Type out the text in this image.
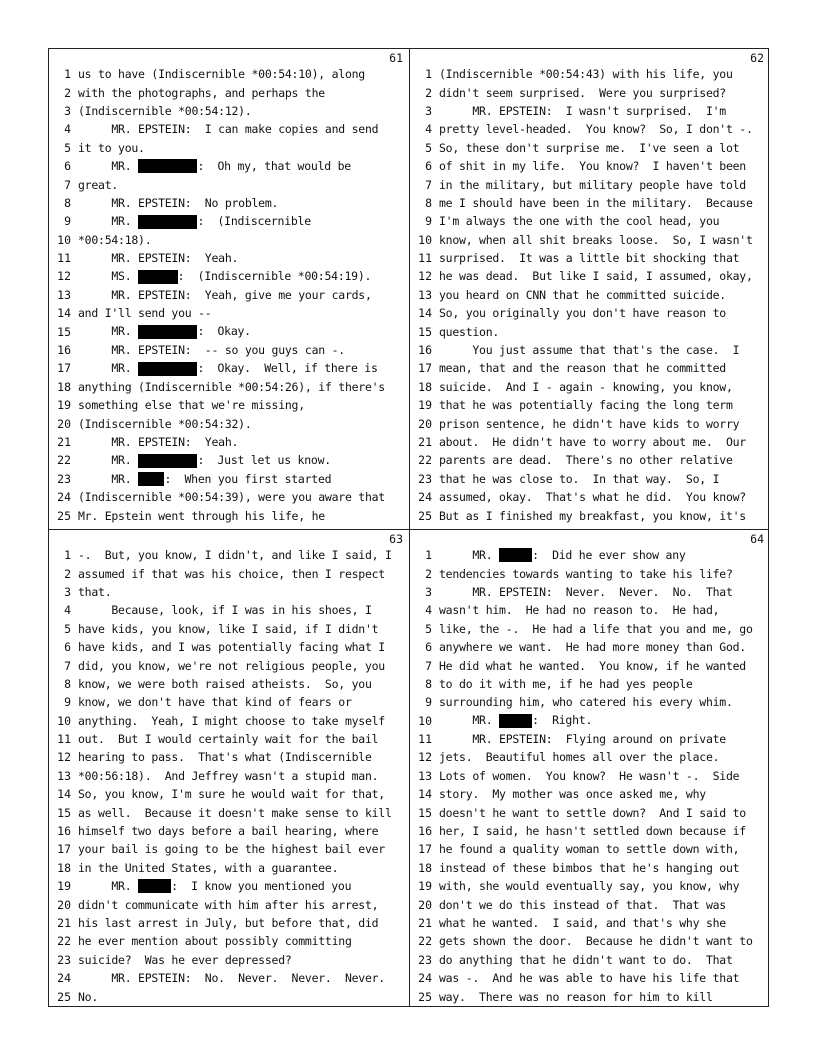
61
1 us to have (Indiscernible *00:54:10), along
2 with the photographs, and perhaps the
3 (Indiscernible *00:54:12).
4 MR. EPSTEIN:  I can make copies and send
5 it to you.
6 MR.	:  Oh my, that would be
7 great.
8 MR. EPSTEIN:  No problem.
9 MR.	:  (Indiscernible
10 *00:54:18).
11 MR. EPSTEIN:  Yeah.
12 MS.	:  (Indiscernible *00:54:19).
13 MR. EPSTEIN:  Yeah, give me your cards,
14 and I'll send you --
15 MR.	:  Okay.
16 MR. EPSTEIN:  -- so you guys can -.
17 MR.	:  Okay.  Well, if there is
18 anything (Indiscernible *00:54:26), if there's
19 something else that we're missing,
20 (Indiscernible *00:54:32).
21 MR. EPSTEIN:  Yeah.
22 MR.	:  Just let us know.
23 MR. :  When you first started
24 (Indiscernible *00:54:39), were you aware that
25 Mr. Epstein went through his life, he
62
1 (Indiscernible *00:54:43) with his life, you
2 didn't seem surprised.  Were you surprised?
3 MR. EPSTEIN:  I wasn't surprised.  I'm
4 pretty level-headed.  You know?  So, I don't -.
5 So, these don't surprise me.  I've seen a lot
6 of shit in my life.  You know?  I haven't been
7 in the military, but military people have told
8 me I should have been in the military.  Because
9 I'm always the one with the cool head, you
10 know, when all shit breaks loose.  So, I wasn't
11 surprised.  It was a little bit shocking that
12 he was dead.  But like I said, I assumed, okay,
13 you heard on CNN that he committed suicide.
14 So, you originally you don't have reason to
15 question.
16 You just assume that that's the case.  I
17 mean, that and the reason that he committed
18 suicide.  And I - again - knowing, you know,
19 that he was potentially facing the long term
20 prison sentence, he didn't have kids to worry
21 about.  He didn't have to worry about me.  Our
22 parents are dead.  There's no other relative
23 that he was close to.  In that way.  So, I
24 assumed, okay.  That's what he did.  You know?
25 But as I finished my breakfast, you know, it's
63
1 -.  But, you know, I didn't, and like I said, I
2 assumed if that was his choice, then I respect
3 that.
4 Because, look, if I was in his shoes, I
5 have kids, you know, like I said, if I didn't
6 have kids, and I was potentially facing what I
7 did, you know, we're not religious people, you
8 know, we were both raised atheists.  So, you
9 know, we don't have that kind of fears or
10 anything.  Yeah, I might choose to take myself
11 out.  But I would certainly wait for the bail
12 hearing to pass.  That's what (Indiscernible
13 *00:56:18).  And Jeffrey wasn't a stupid man.
14 So, you know, I'm sure he would wait for that,
15 as well.  Because it doesn't make sense to kill
16 himself two days before a bail hearing, where
17 your bail is going to be the highest bail ever
18 in the United States, with a guarantee.
19 MR.	:  I know you mentioned you
20 didn't communicate with him after his arrest,
21 his last arrest in July, but before that, did
22 he ever mention about possibly committing
23 suicide?  Was he ever depressed?
24 MR. EPSTEIN:  No.  Never.  Never.  Never.
25 No.
64
1 MR.	:  Did he ever show any
2 tendencies towards wanting to take his life?
3 MR. EPSTEIN:  Never.  Never.  No.  That
4 wasn't him.  He had no reason to.  He had,
5 like, the -.  He had a life that you and me, go
6 anywhere we want.  He had more money than God.
7 He did what he wanted.  You know, if he wanted
8 to do it with me, if he had yes people
9 surrounding him, who catered his every whim.
10 MR.	:  Right.
11 MR. EPSTEIN:  Flying around on private
12 jets.  Beautiful homes all over the place.
13 Lots of women.  You know?  He wasn't -.  Side
14 story.  My mother was once asked me, why
15 doesn't he want to settle down?  And I said to
16 her, I said, he hasn't settled down because if
17 he found a quality woman to settle down with,
18 instead of these bimbos that he's hanging out
19 with, she would eventually say, you know, why
20 don't we do this instead of that.  That was
21 what he wanted.  I said, and that's why she
22 gets shown the door.  Because he didn't want to
23 do anything that he didn't want to do.  That
24 was -.  And he was able to have his life that
25 way.  There was no reason for him to kill
